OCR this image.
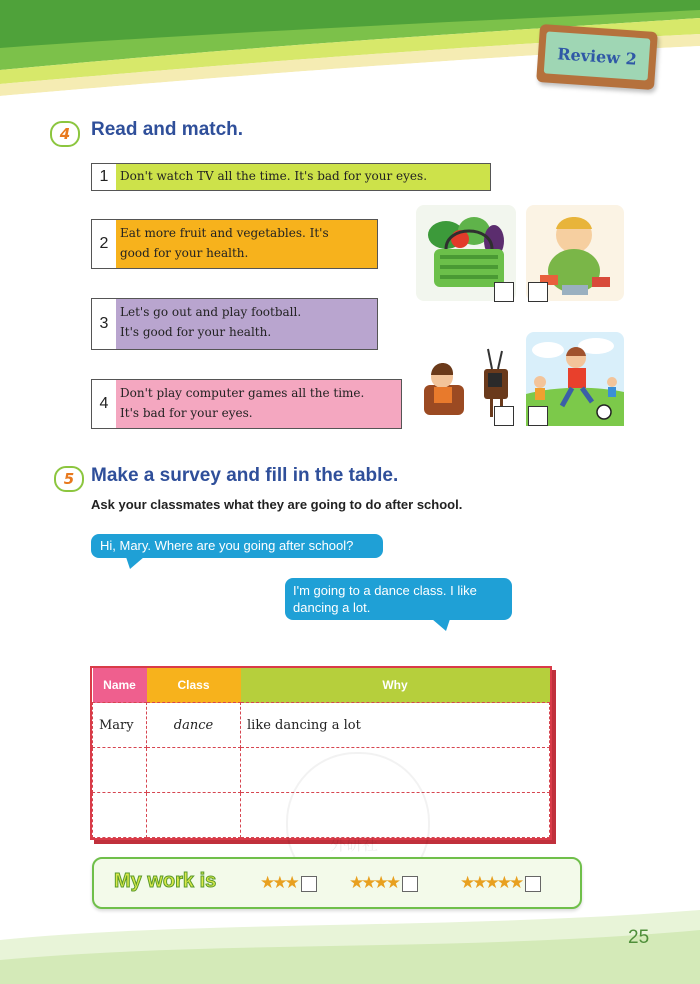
Review 2
4	Read and match.
1 Don't watch TV all the time. It's bad for your eyes.
2
Eat more fruit and vegetables. It's
good for your health.
3
Let's go out and play football.
It's good for your health.
4
Don't play computer games all the time.
It's bad for your eyes.
5 Make a survey and fill in the table.
Ask your classmates what they are going to do after school.
Hi, Mary. Where are you going after school?
I'm going to a dance class. I like
dancing a lot.
Name	Class	Why
Mary	dance	like dancing a lot

外研社
My work is	★★★	★★★★	★★★★★
25
